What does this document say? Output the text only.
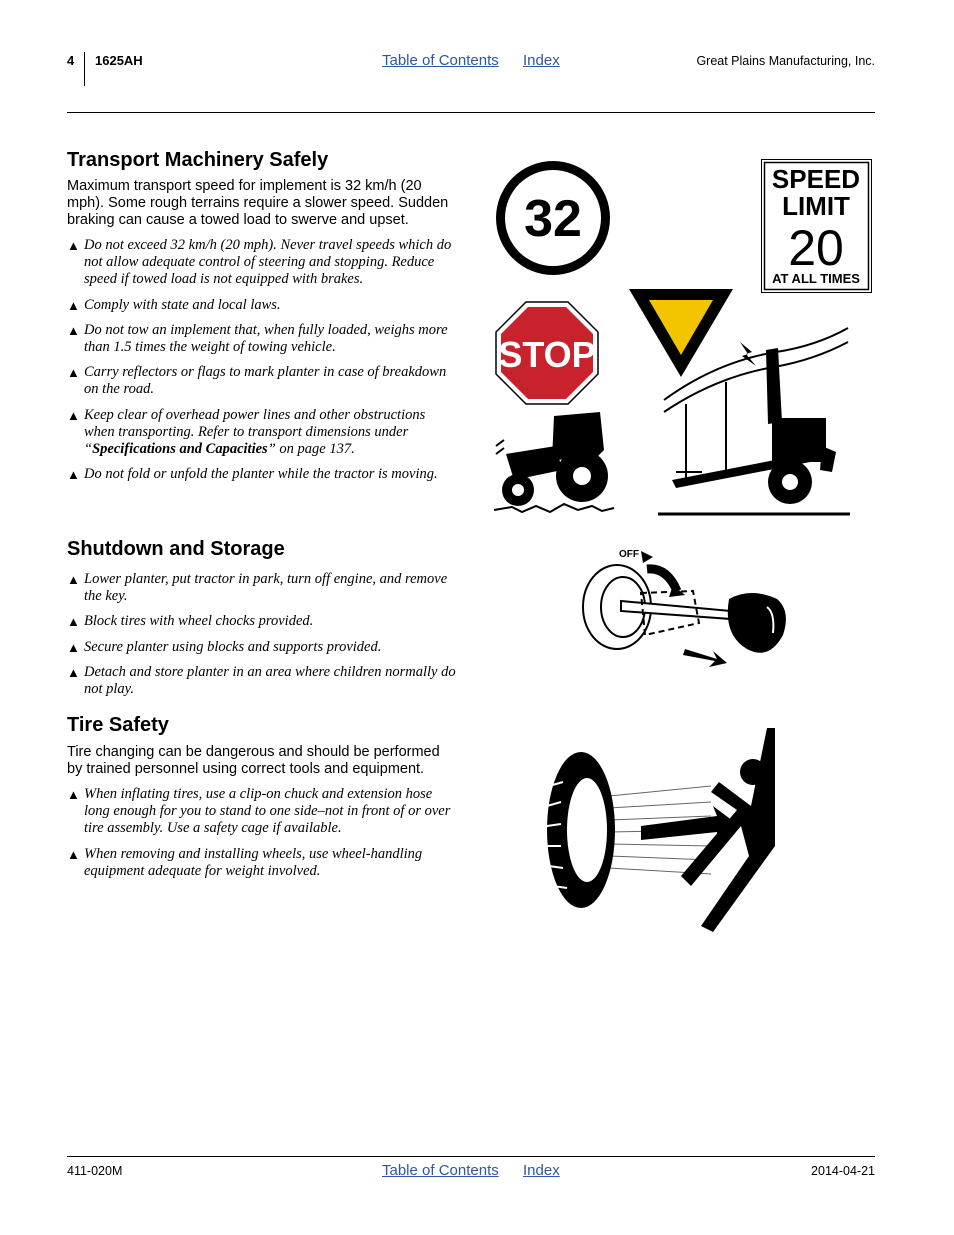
4 1625AH	Table of Contents Index	Great Plains Manufacturing, Inc.
Transport Machinery Safely

Maximum transport speed for implement is 32 km/h (20 mph). Some rough terrains require a slower speed. Sudden braking can cause a towed load to swerve and upset.

▲ Do not exceed 32 km/h (20 mph). Never travel speeds which do not allow adequate control of steering and stopping. Reduce speed if towed load is not equipped with brakes.
▲ Comply with state and local laws.
▲ Do not tow an implement that, when fully loaded, weighs more than 1.5 times the weight of towing vehicle.
▲ Carry reflectors or flags to mark planter in case of breakdown on the road.
▲ Keep clear of overhead power lines and other obstructions when transporting. Refer to transport dimensions under “Specifications and Capacities” on page 137.
▲ Do not fold or unfold the planter while the tractor is moving.
Shutdown and Storage
▲ Lower planter, put tractor in park, turn off engine, and remove the key.
▲ Block tires with wheel chocks provided.
▲ Secure planter using blocks and supports provided.
▲ Detach and store planter in an area where children normally do not play.
Tire Safety

Tire changing can be dangerous and should be performed by trained personnel using correct tools and equipment.

▲ When inflating tires, use a clip-on chuck and extension hose long enough for you to stand to one side–not in front of or over tire assembly. Use a safety cage if available.
▲ When removing and installing wheels, use wheel-handling equipment adequate for weight involved.
32
SPEED
LIMIT
20
AT ALL TIMES
STOP
OFF
411-020M	Table of Contents Index	2014-04-21
